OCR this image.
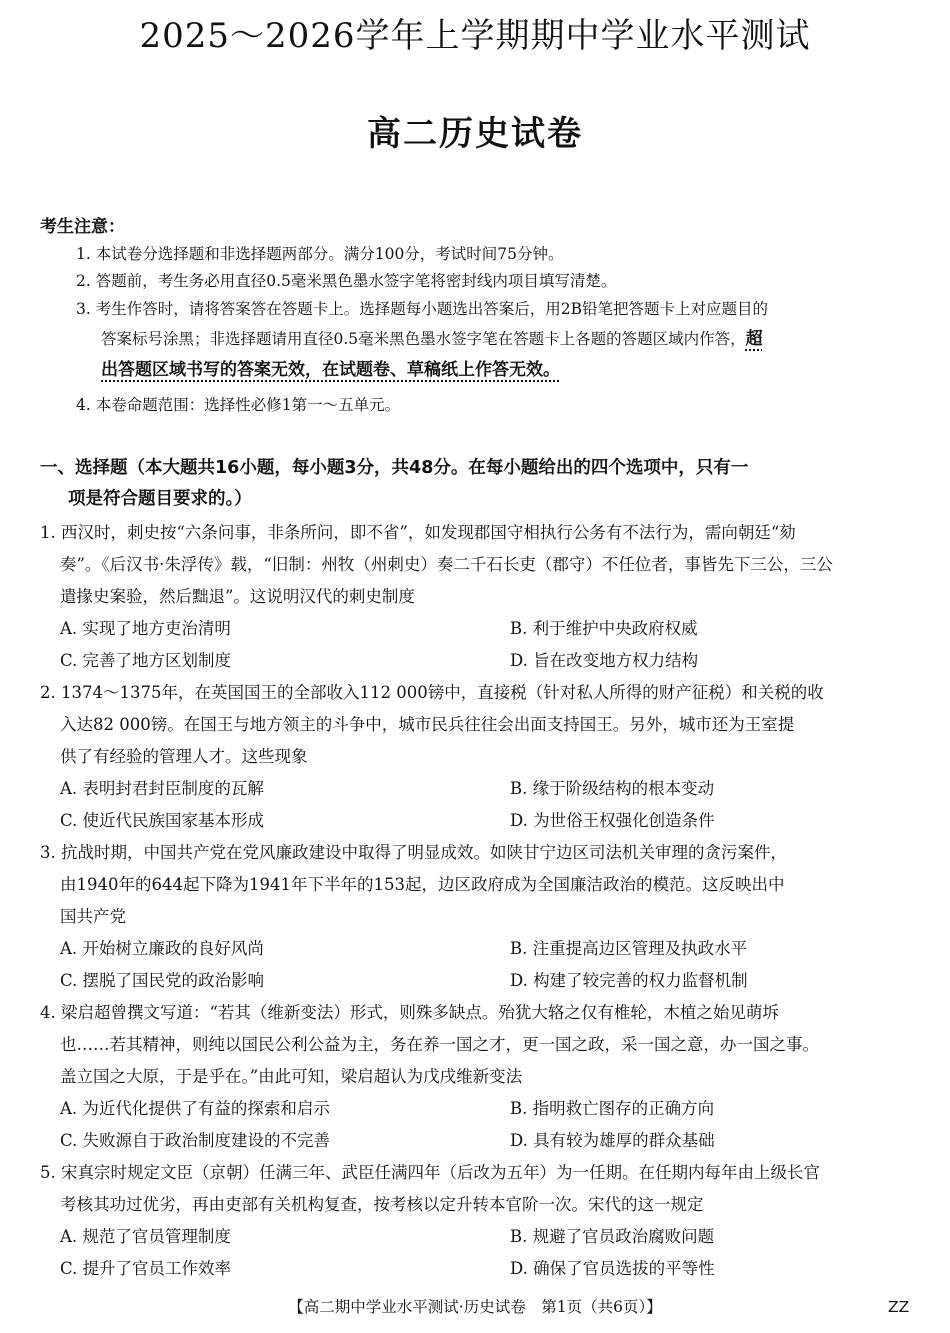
2025～2026学年上学期期中学业水平测试
高二历史试卷
考生注意：
1. 本试卷分选择题和非选择题两部分。满分100分，考试时间75分钟。
2. 答题前，考生务必用直径0.5毫米黑色墨水签字笔将密封线内项目填写清楚。
3. 考生作答时，请将答案答在答题卡上。选择题每小题选出答案后，用2B铅笔把答题卡上对应题目的
答案标号涂黑；非选择题请用直径0.5毫米黑色墨水签字笔在答题卡上各题的答题区域内作答，超
出答题区域书写的答案无效，在试题卷、草稿纸上作答无效。
4. 本卷命题范围：选择性必修1第一～五单元。
一、选择题（本大题共16小题，每小题3分，共48分。在每小题给出的四个选项中，只有一
项是符合题目要求的。）
1. 西汉时，刺史按“六条问事，非条所问，即不省”，如发现郡国守相执行公务有不法行为，需向朝廷“劾
奏”。《后汉书·朱浮传》载，“旧制：州牧（州刺史）奏二千石长吏（郡守）不任位者，事皆先下三公，三公
遣掾史案验，然后黜退”。这说明汉代的刺史制度
A. 实现了地方吏治清明	B. 利于维护中央政府权威
C. 完善了地方区划制度	D. 旨在改变地方权力结构
2. 1374～1375年，在英国国王的全部收入112 000镑中，直接税（针对私人所得的财产征税）和关税的收
入达82 000镑。在国王与地方领主的斗争中，城市民兵往往会出面支持国王。另外，城市还为王室提
供了有经验的管理人才。这些现象
A. 表明封君封臣制度的瓦解	B. 缘于阶级结构的根本变动
C. 使近代民族国家基本形成	D. 为世俗王权强化创造条件
3. 抗战时期，中国共产党在党风廉政建设中取得了明显成效。如陕甘宁边区司法机关审理的贪污案件，
由1940年的644起下降为1941年下半年的153起，边区政府成为全国廉洁政治的模范。这反映出中
国共产党
A. 开始树立廉政的良好风尚	B. 注重提高边区管理及执政水平
C. 摆脱了国民党的政治影响	D. 构建了较完善的权力监督机制
4. 梁启超曾撰文写道：“若其（维新变法）形式，则殊多缺点。殆犹大辂之仅有椎轮，木植之始见萌坼
也……若其精神，则纯以国民公利公益为主，务在养一国之才，更一国之政，采一国之意，办一国之事。
盖立国之大原，于是乎在。”由此可知，梁启超认为戊戌维新变法
A. 为近代化提供了有益的探索和启示	B. 指明救亡图存的正确方向
C. 失败源自于政治制度建设的不完善	D. 具有较为雄厚的群众基础
5. 宋真宗时规定文臣（京朝）任满三年、武臣任满四年（后改为五年）为一任期。在任期内每年由上级长官
考核其功过优劣，再由吏部有关机构复查，按考核以定升转本官阶一次。宋代的这一规定
A. 规范了官员管理制度	B. 规避了官员政治腐败问题
C. 提升了官员工作效率	D. 确保了官员选拔的平等性
【高二期中学业水平测试·历史试卷　第1页（共6页）】	ZZ
